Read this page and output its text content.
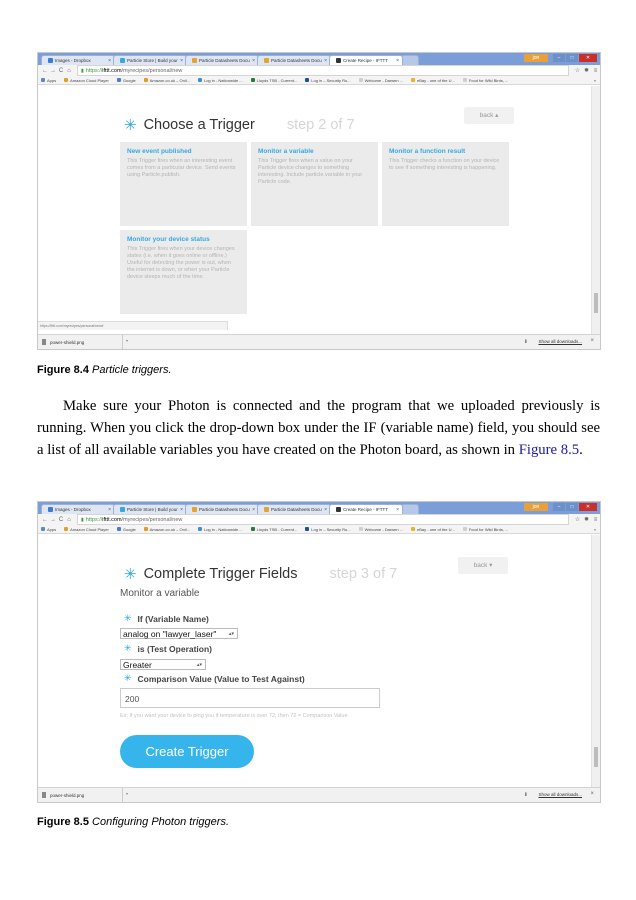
Images - Dropbox	×	Particle Store | Build your ×	Particle Datasheets Docu ×	Particle Datasheets Docu ×	Create Recipe - IFTTT ×	jon	–	□	✕
← → C ⌂	▮ https:// ifttt.com /myrecipes/personal/new	☆ ✹ ≡
Apps	Amazon Cloud Player	Google	Amazon.co.uk – Onli...	Log in - Nationwide ...	Lloyds TSB - Current...	Log in – Security Ru...	Welcome - Darwen ...	eBay - one of the U...	Food for Wild Birds, ...	»
✳ Choose a Trigger step 2 of 7
back ▴
New event published
This Trigger fires when an interesting event comes from a particular device. Send events using Particle.publish.
Monitor a variable
This Trigger fires when a value on your Particle device changes to something interesting. Include particle.variable in your Particle code.
Monitor a function result
This Trigger checks a function on your device to see if something interesting is happening.
Monitor your device status
This Trigger fires when your device changes states (i.e. when it goes online or offline.) Useful for detecting the power is out, when the internet is down, or when your Particle device sleeps much of the time.
https://ifttt.com/myrecipes/personal/new#
power-shield.png	▾	⬇ Show all downloads... ×
Figure 8.4 Particle triggers.
Make sure your Photon is connected and the program that we uploaded previously is running. When you click the drop-down box under the IF (variable name) field, you should see a list of all available variables you have created on the Photon board, as shown in Figure 8.5.
Images - Dropbox	×	Particle Store | Build your ×	Particle Datasheets Docu ×	Particle Datasheets Docu ×	Create Recipe - IFTTT ×	jon	–	□	✕
← → C ⌂	▮ https:// ifttt.com /myrecipes/personal/new	☆ ✹ ≡
Apps	Amazon Cloud Player	Google	Amazon.co.uk – Onli...	Log in - Nationwide ...	Lloyds TSB - Current...	Log in – Security Ru...	Welcome - Darwen ...	eBay - one of the U...	Food for Wild Birds, ...	»
✳ Complete Trigger Fields step 3 of 7
back ▾
Monitor a variable
✳ If (Variable Name)
analog on "lawyer_laser"	▴▾
✳ is (Test Operation)
Greater	▴▾
✳ Comparison Value (Value to Test Against)
200
Ex: If you want your device to ping you if temperature is over 72; then 72 = Comparison Value
Create Trigger
power-shield.png	▾	⬇ Show all downloads... ×
Figure 8.5 Configuring Photon triggers.
